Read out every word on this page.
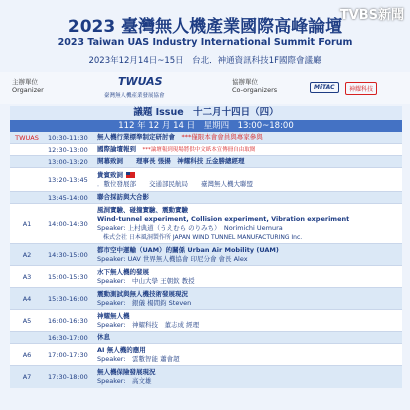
TVBS新聞
2023 臺灣無人機產業國際高峰論壇
2023 Taiwan UAS Industry International Summit Forum
2023年12月14日~15日　台北．神通資訊科技1F國際會議廳
主辦單位
Organizer
TWUAS
臺灣無人機產業發展協會
協辦單位
Co-organizers	MiTAC	神耀科技
議題 Issue　十二月十四日（四）
112 年 12 月 14 日　星期四　13:00~18:00
TWUAS	10:30-11:30	無人機行業標準制定研討會　 ***僅限本會會員與專家參與
12:30-13:00	國際論壇報到　 ***論壇報到現場將供中文紙本宣傳冊自由取閱
13:00-13:20	開幕致詞　　理事長 張揚　神耀科技 丘金勝總經理
13:20-13:45
貴賓致詞
．數位發展部　　交通部民航局　　臺灣無人機大聯盟
13:45-14:00	聯合採訪與大合影
A1	14:00-14:30
風洞實驗、碰撞實驗、震動實驗
Wind-tunnel experiment, Collision experiment, Vibration experiment
Speaker: 上村典道（うえむら のりみち）　Norimichi Uemura
　株式会社 日本風洞製作所 JAPAN WIND TUNNEL MANUFACTURING Inc.
A2	14:30-15:00
都市空中運輸（UAM）的關係 Urban Air Mobility (UAM)
Speaker: UAV 世界無人機協會 印尼分會 會長 Alex
A3	15:00-15:30
水下無人機的發展
Speaker:　中山大學 王朝欽 教授
A4	15:30-16:00
震動測試與無人機技術發展現況
Speaker:　銀儀 楊間鈞 Steven
A5	16:00-16:30
神耀無人機
Speaker:　神耀科技　董志成 經理
16:30-17:00	休息
A6	17:00-17:30
AI 無人機的應用
Speaker:　雲數智能 蕭會超
A7	17:30-18:00
無人機保險發展現況
Speaker:　高文雄
